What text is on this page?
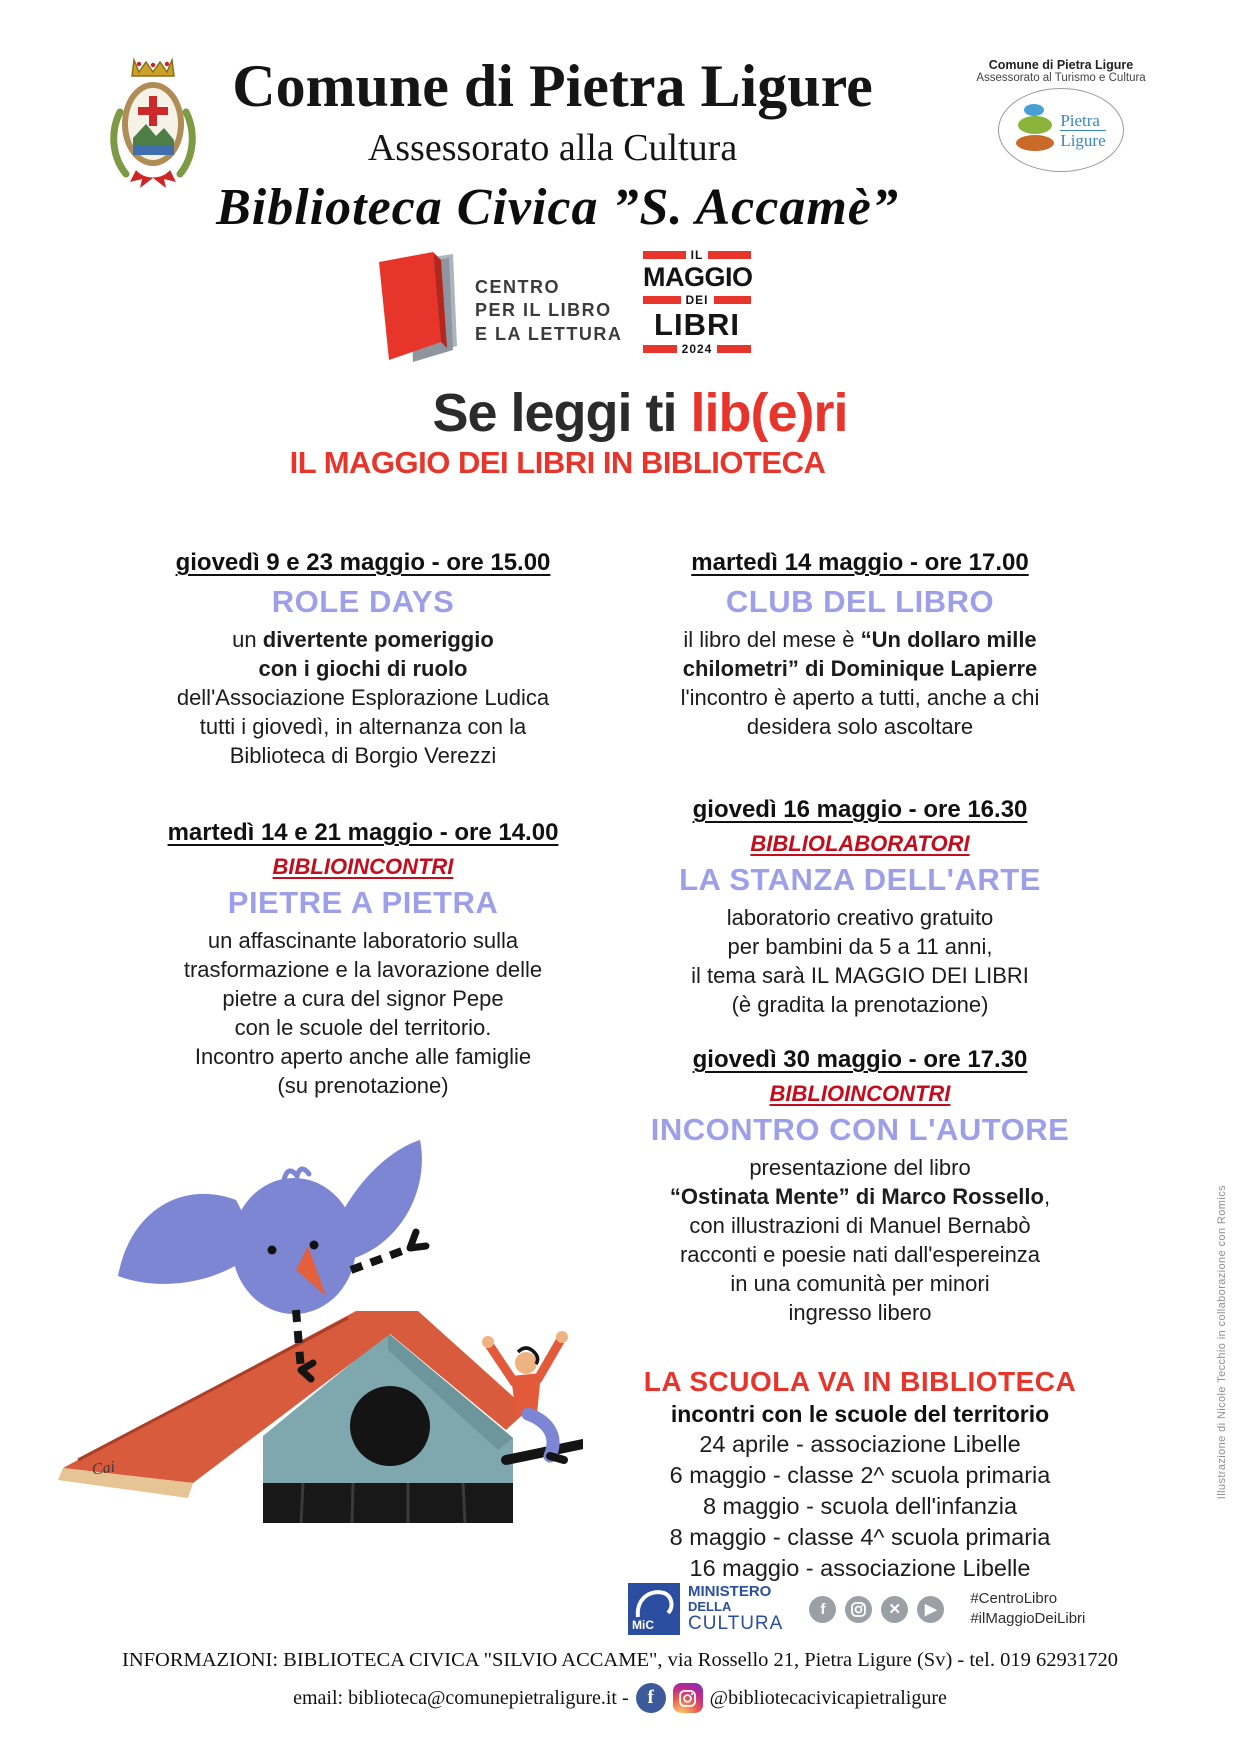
Comune di Pietra Ligure
Assessorato alla Cultura
Biblioteca Civica ”S. Accamè”
Comune di Pietra Ligure
Assessorato al Turismo e Cultura
Pietra
Ligure
CENTRO
PER IL LIBRO
E LA LETTURA
IL
MAGGIO
DEI
LIBRI
2024
Se leggi ti lib(e)ri
IL MAGGIO DEI LIBRI IN BIBLIOTECA
giovedì 9 e 23 maggio - ore 15.00
ROLE DAYS
un divertente pomeriggio
con i giochi di ruolo
dell'Associazione Esplorazione Ludica
tutti i giovedì, in alternanza con la
Biblioteca di Borgio Verezzi
martedì 14 e 21 maggio - ore 14.00
BIBLIOINCONTRI
PIETRE A PIETRA
un affascinante laboratorio sulla
trasformazione e la lavorazione delle
pietre a cura del signor Pepe
con le scuole del territorio.
Incontro aperto anche alle famiglie
(su prenotazione)
martedì 14 maggio - ore 17.00
CLUB DEL LIBRO
il libro del mese è “Un dollaro mille
chilometri” di Dominique Lapierre
l'incontro è aperto a tutti, anche a chi
desidera solo ascoltare
giovedì 16 maggio - ore 16.30
BIBLIOLABORATORI
LA STANZA DELL'ARTE
laboratorio creativo gratuito
per bambini da 5 a 11 anni,
il tema sarà IL MAGGIO DEI LIBRI
(è gradita la prenotazione)
giovedì 30 maggio - ore 17.30
BIBLIOINCONTRI
INCONTRO CON L'AUTORE
presentazione del libro
“Ostinata Mente” di Marco Rossello,
con illustrazioni di Manuel Bernabò
racconti e poesie nati dall'espereinza
in una comunità per minori
ingresso libero
LA SCUOLA VA IN BIBLIOTECA
incontri con le scuole del territorio
24 aprile - associazione Libelle
6 maggio - classe 2^ scuola primaria
8 maggio - scuola dell'infanzia
8 maggio - classe 4^ scuola primaria
16 maggio - associazione Libelle
Cai
MiC
MINISTERO
DELLA
CULTURA
f	✕	▶
#CentroLibro
#ilMaggioDeiLibri
INFORMAZIONI: BIBLIOTECA CIVICA "SILVIO ACCAME", via Rossello 21, Pietra Ligure (Sv) - tel. 019 62931720
email: biblioteca@comunepietraligure.it - f	@bibliotecacivicapietraligure
Illustrazione di Nicole Tecchio in collaborazione con Romics
